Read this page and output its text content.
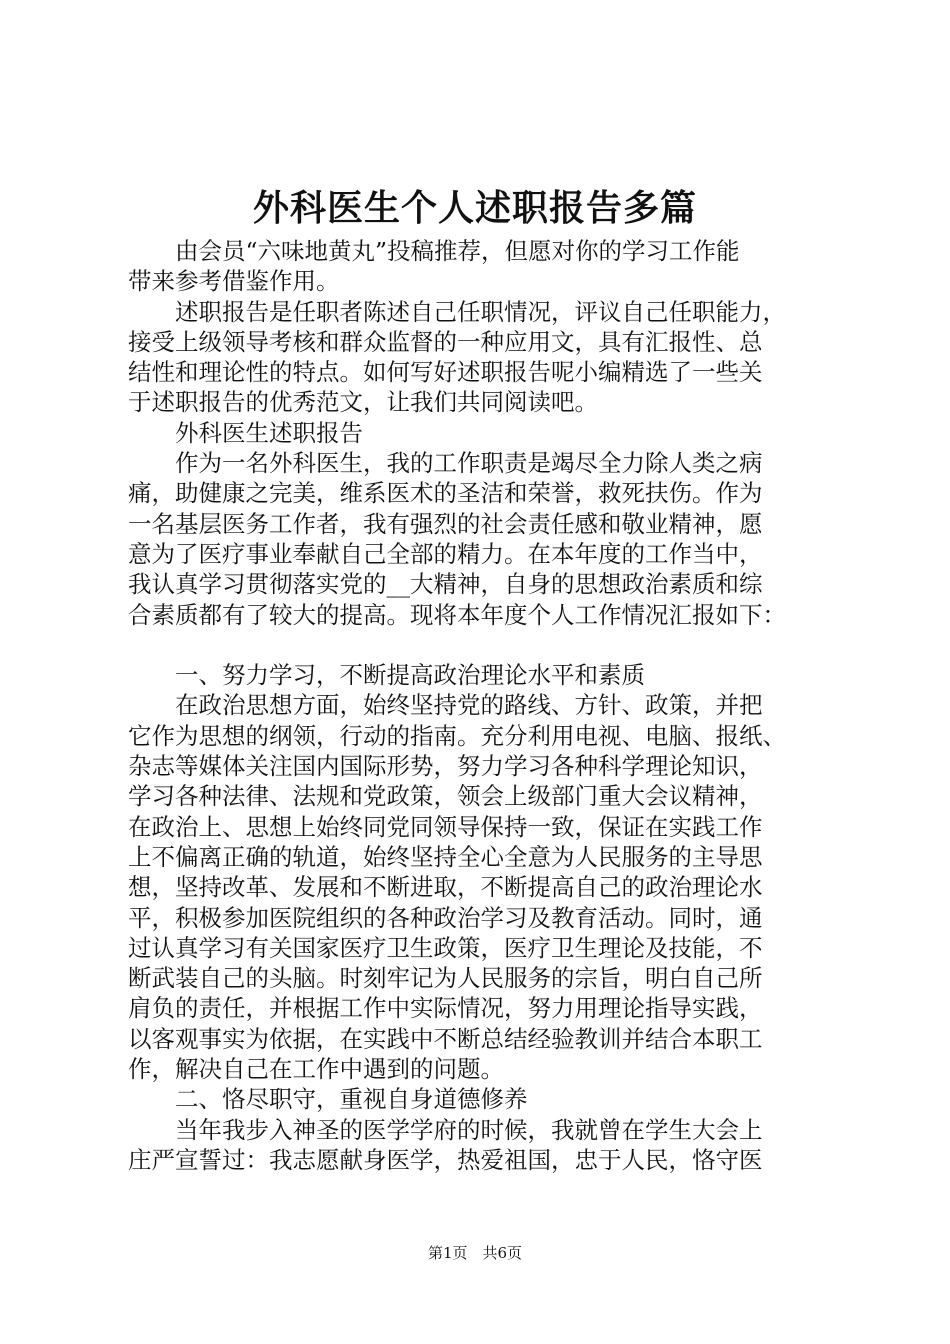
外科医生个人述职报告多篇

　　由会员“六味地黄丸”投稿推荐，但愿对你的学习工作能

带来参考借鉴作用。

　　述职报告是任职者陈述自己任职情况，评议自己任职能力，

接受上级领导考核和群众监督的一种应用文，具有汇报性、总

结性和理论性的特点。如何写好述职报告呢小编精选了一些关

于述职报告的优秀范文，让我们共同阅读吧。

　　外科医生述职报告

　　作为一名外科医生，我的工作职责是竭尽全力除人类之病

痛，助健康之完美，维系医术的圣洁和荣誉，救死扶伤。作为

一名基层医务工作者，我有强烈的社会责任感和敬业精神，愿

意为了医疗事业奉献自己全部的精力。在本年度的工作当中，

我认真学习贯彻落实党的__大精神，自身的思想政治素质和综

合素质都有了较大的提高。现将本年度个人工作情况汇报如下：

　　一、努力学习，不断提高政治理论水平和素质

　　在政治思想方面，始终坚持党的路线、方针、政策，并把

它作为思想的纲领，行动的指南。充分利用电视、电脑、报纸、

杂志等媒体关注国内国际形势，努力学习各种科学理论知识，

学习各种法律、法规和党政策，领会上级部门重大会议精神，

在政治上、思想上始终同党同领导保持一致，保证在实践工作

上不偏离正确的轨道，始终坚持全心全意为人民服务的主导思

想，坚持改革、发展和不断进取，不断提高自己的政治理论水

平，积极参加医院组织的各种政治学习及教育活动。同时，通

过认真学习有关国家医疗卫生政策，医疗卫生理论及技能，不

断武装自己的头脑。时刻牢记为人民服务的宗旨，明白自己所

肩负的责任，并根据工作中实际情况，努力用理论指导实践，

以客观事实为依据，在实践中不断总结经验教训并结合本职工

作，解决自己在工作中遇到的问题。

　　二、恪尽职守，重视自身道德修养

　　当年我步入神圣的医学学府的时候，我就曾在学生大会上

庄严宣誓过：我志愿献身医学，热爱祖国，忠于人民，恪守医

第1页　共6页
